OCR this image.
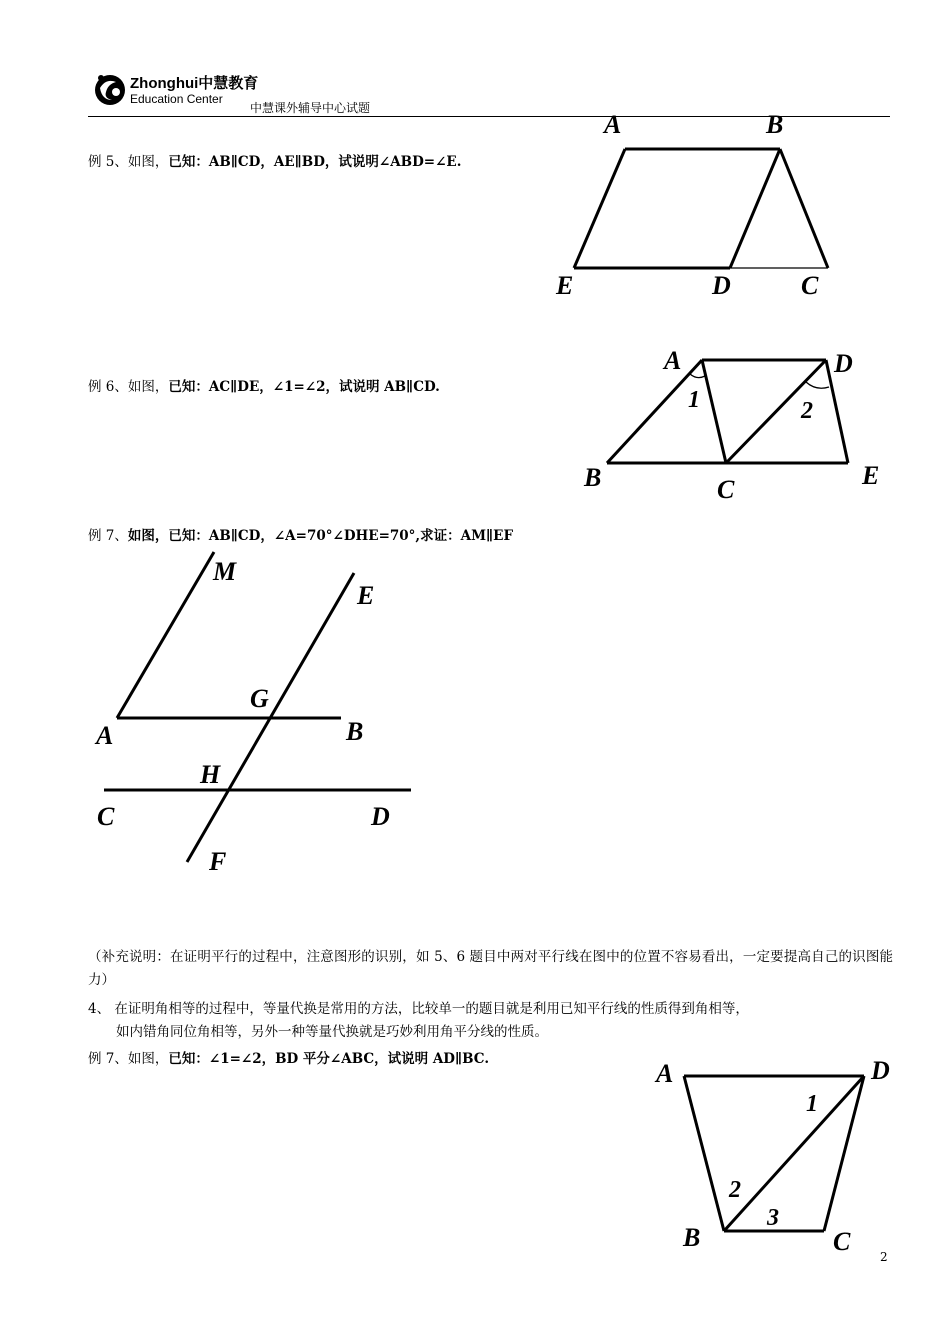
Zhonghui中慧教育
Education Center
中慧课外辅导中心试题
例 5、如图，已知：AB∥CD，AE∥BD，试说明∠ABD=∠E.
例 6、如图，已知：AC∥DE，∠1=∠2，试说明 AB∥CD.
例 7、如图，已知：AB∥CD，∠A=70°∠DHE=70°,求证：AM∥EF
（补充说明：在证明平行的过程中，注意图形的识别，如 5、6 题目中两对平行线在图中的位置不容易看出，一定要提高自己的识图能力）
4、 在证明角相等的过程中，等量代换是常用的方法，比较单一的题目就是利用已知平行线的性质得到角相等，
如内错角同位角相等，另外一种等量代换就是巧妙利用角平分线的性质。
例 7、如图，已知：∠1=∠2，BD 平分∠ABC，试说明 AD∥BC.
2
A	B
E	D	C
A	D
B	C	E
1	2
M
E
G
A	B
H
C	D
F
A	D
B	C
1
2
3
